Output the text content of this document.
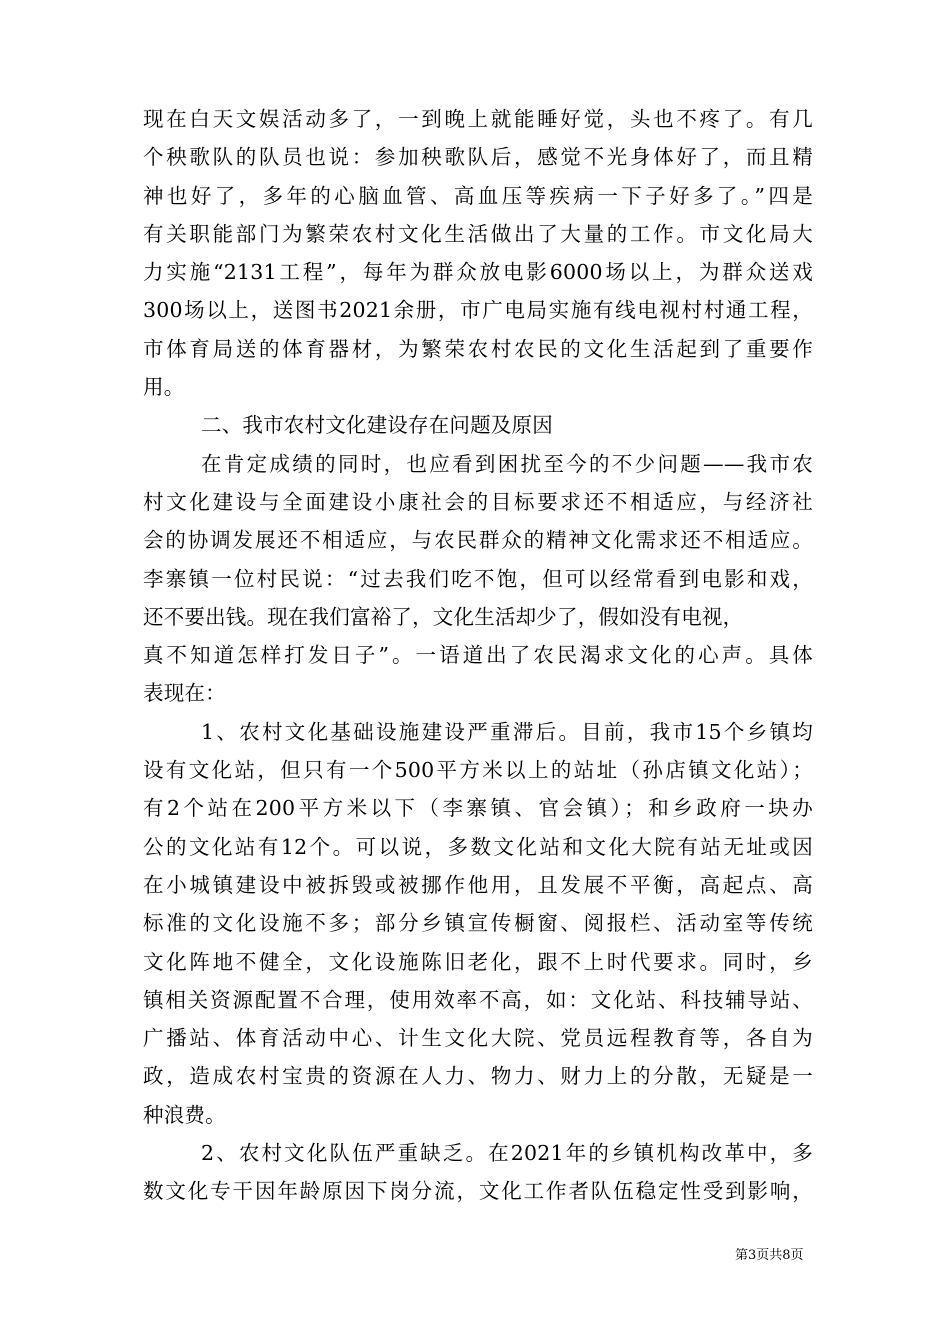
现在白天文娱活动多了，一到晚上就能睡好觉，头也不疼了。有几
个秧歌队的队员也说：参加秧歌队后，感觉不光身体好了，而且精
神也好了，多年的心脑血管、高血压等疾病一下子好多了。”四是
有关职能部门为繁荣农村文化生活做出了大量的工作。市文化局大
力实施“2131工程”，每年为群众放电影6000场以上，为群众送戏
300场以上，送图书2021余册，市广电局实施有线电视村村通工程，
市体育局送的体育器材，为繁荣农村农民的文化生活起到了重要作
用。
二、我市农村文化建设存在问题及原因
在肯定成绩的同时，也应看到困扰至今的不少问题——我市农
村文化建设与全面建设小康社会的目标要求还不相适应，与经济社
会的协调发展还不相适应，与农民群众的精神文化需求还不相适应。
李寨镇一位村民说：“过去我们吃不饱，但可以经常看到电影和戏，
还不要出钱。现在我们富裕了，文化生活却少了，假如没有电视，
真不知道怎样打发日子”。一语道出了农民渴求文化的心声。具体
表现在：
1、农村文化基础设施建设严重滞后。目前，我市15个乡镇均
设有文化站，但只有一个500平方米以上的站址（孙店镇文化站）；
有2个站在200平方米以下（李寨镇、官会镇）；和乡政府一块办
公的文化站有12个。可以说，多数文化站和文化大院有站无址或因
在小城镇建设中被拆毁或被挪作他用，且发展不平衡，高起点、高
标准的文化设施不多；部分乡镇宣传橱窗、阅报栏、活动室等传统
文化阵地不健全，文化设施陈旧老化，跟不上时代要求。同时，乡
镇相关资源配置不合理，使用效率不高，如：文化站、科技辅导站、
广播站、体育活动中心、计生文化大院、党员远程教育等，各自为
政，造成农村宝贵的资源在人力、物力、财力上的分散，无疑是一
种浪费。
2、农村文化队伍严重缺乏。在2021年的乡镇机构改革中，多
数文化专干因年龄原因下岗分流，文化工作者队伍稳定性受到影响，
第3页共8页
